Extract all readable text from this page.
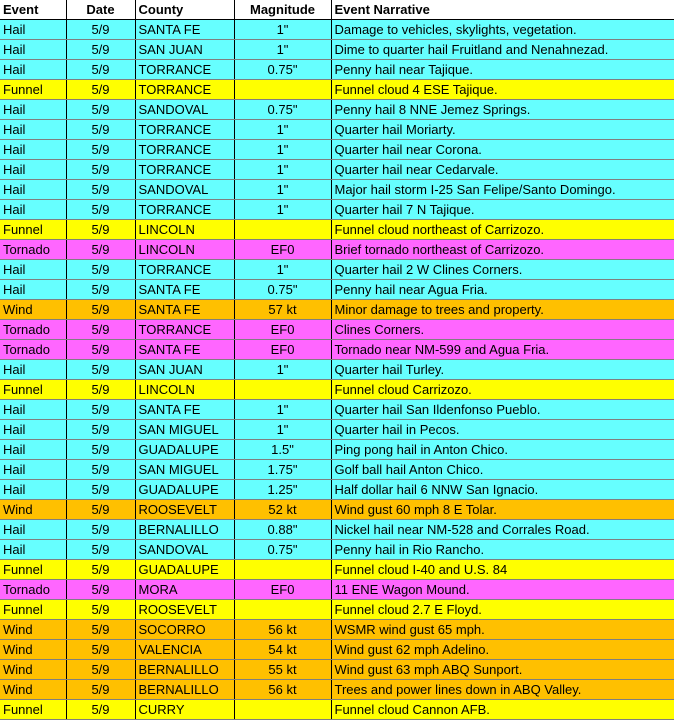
Event	Date	County	Magnitude	Event Narrative
Hail	5/9	SANTA FE	1"	Damage to vehicles, skylights, vegetation.
Hail	5/9	SAN JUAN	1"	Dime to quarter hail Fruitland and Nenahnezad.
Hail	5/9	TORRANCE	0.75"	Penny hail near Tajique.
Funnel	5/9	TORRANCE		Funnel cloud 4 ESE Tajique.
Hail	5/9	SANDOVAL	0.75"	Penny hail 8 NNE Jemez Springs.
Hail	5/9	TORRANCE	1"	Quarter hail Moriarty.
Hail	5/9	TORRANCE	1"	Quarter hail near Corona.
Hail	5/9	TORRANCE	1"	Quarter hail near Cedarvale.
Hail	5/9	SANDOVAL	1"	Major hail storm I-25 San Felipe/Santo Domingo.
Hail	5/9	TORRANCE	1"	Quarter hail 7 N Tajique.
Funnel	5/9	LINCOLN		Funnel cloud northeast of Carrizozo.
Tornado	5/9	LINCOLN	EF0	Brief tornado northeast of Carrizozo.
Hail	5/9	TORRANCE	1"	Quarter hail 2 W Clines Corners.
Hail	5/9	SANTA FE	0.75"	Penny hail near Agua Fria.
Wind	5/9	SANTA FE	57 kt	Minor damage to trees and property.
Tornado	5/9	TORRANCE	EF0	Clines Corners.
Tornado	5/9	SANTA FE	EF0	Tornado near NM-599 and Agua Fria.
Hail	5/9	SAN JUAN	1"	Quarter hail Turley.
Funnel	5/9	LINCOLN		Funnel cloud Carrizozo.
Hail	5/9	SANTA FE	1"	Quarter hail San Ildenfonso Pueblo.
Hail	5/9	SAN MIGUEL	1"	Quarter hail in Pecos.
Hail	5/9	GUADALUPE	1.5"	Ping pong hail in Anton Chico.
Hail	5/9	SAN MIGUEL	1.75"	Golf ball hail Anton Chico.
Hail	5/9	GUADALUPE	1.25"	Half dollar hail 6 NNW San Ignacio.
Wind	5/9	ROOSEVELT	52 kt	Wind gust 60 mph 8 E Tolar.
Hail	5/9	BERNALILLO	0.88"	Nickel hail near NM-528 and Corrales Road.
Hail	5/9	SANDOVAL	0.75"	Penny hail in Rio Rancho.
Funnel	5/9	GUADALUPE		Funnel cloud I-40 and U.S. 84
Tornado	5/9	MORA	EF0	11 ENE Wagon Mound.
Funnel	5/9	ROOSEVELT		Funnel cloud 2.7 E Floyd.
Wind	5/9	SOCORRO	56 kt	WSMR wind gust 65 mph.
Wind	5/9	VALENCIA	54 kt	Wind gust 62 mph Adelino.
Wind	5/9	BERNALILLO	55 kt	Wind gust 63 mph ABQ Sunport.
Wind	5/9	BERNALILLO	56 kt	Trees and power lines down in ABQ Valley.
Funnel	5/9	CURRY		Funnel cloud Cannon AFB.
